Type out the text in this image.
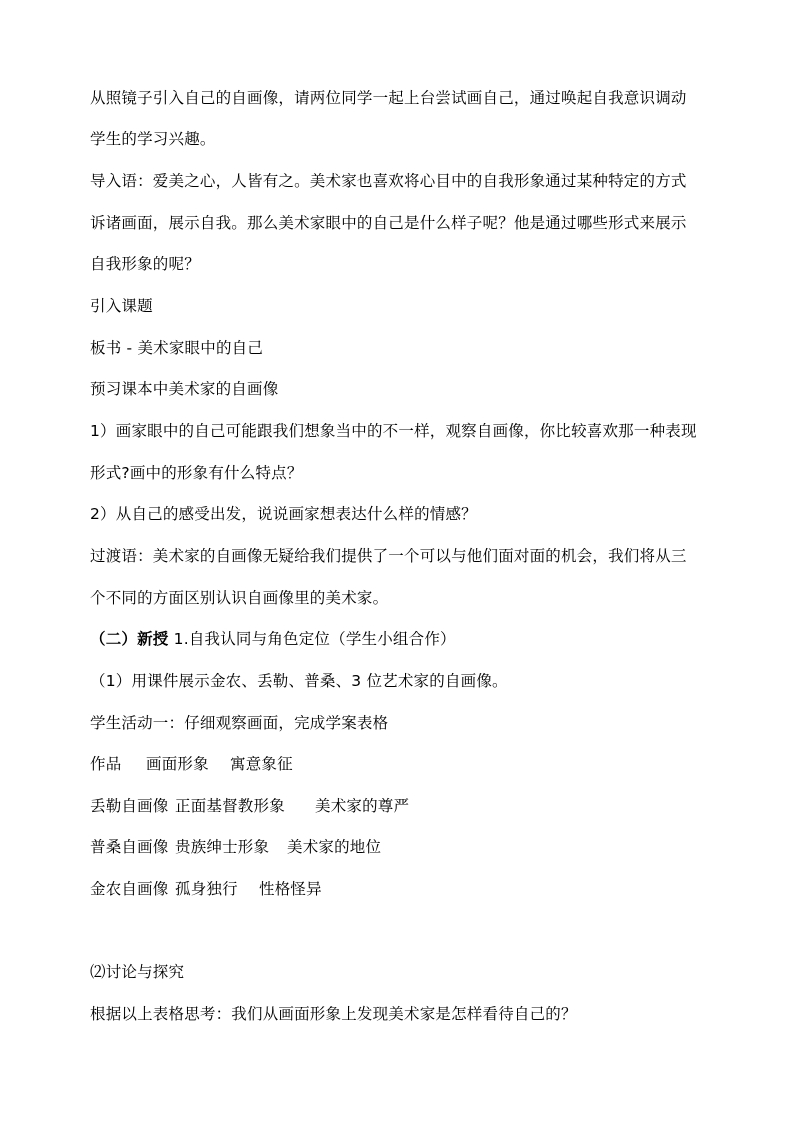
从照镜子引入自己的自画像，请两位同学一起上台尝试画自己，通过唤起自我意识调动
学生的学习兴趣。
导入语：爱美之心，人皆有之。美术家也喜欢将心目中的自我形象通过某种特定的方式
诉诸画面，展示自我。那么美术家眼中的自己是什么样子呢？他是通过哪些形式来展示
自我形象的呢？
引入课题
板书 - 美术家眼中的自己
预习课本中美术家的自画像
1）画家眼中的自己可能跟我们想象当中的不一样，观察自画像，你比较喜欢那一种表现
形式?画中的形象有什么特点？
2）从自己的感受出发，说说画家想表达什么样的情感？
过渡语：美术家的自画像无疑给我们提供了一个可以与他们面对面的机会，我们将从三
个不同的方面区别认识自画像里的美术家。
（二）新授 1.自我认同与角色定位（学生小组合作）
（1）用课件展示金农、丢勒、普桑、3 位艺术家的自画像。
学生活动一：仔细观察画面，完成学案表格
作品 画面形象 寓意象征
丢勒自画像 正面基督教形象 美术家的尊严
普桑自画像 贵族绅士形象 美术家的地位
金农自画像 孤身独行 性格怪异
⑵讨论与探究
根据以上表格思考：我们从画面形象上发现美术家是怎样看待自己的？
